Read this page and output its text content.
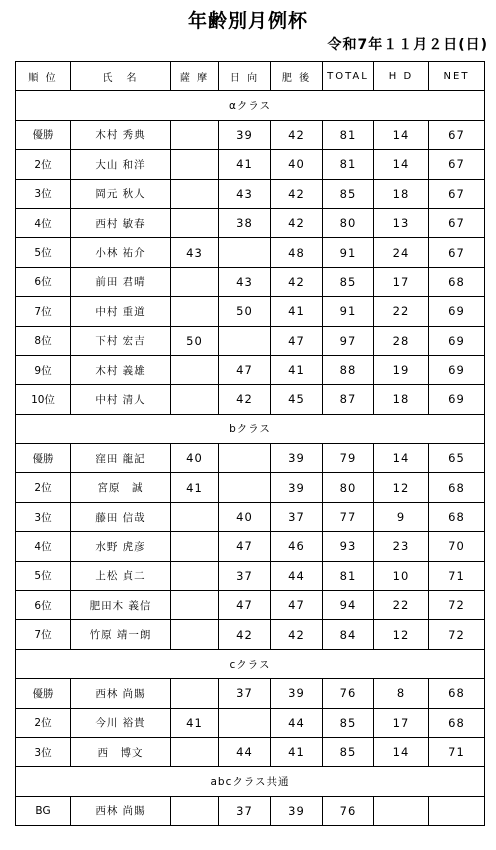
年齢別月例杯
令和7年１１月２日(日)
順 位	氏　名	薩 摩	日 向	肥 後	TOTAL	H D	NET
αクラス							
優勝	木村 秀典		39	42	81	14	67
2位	大山 和洋		41	40	81	14	67
3位	岡元 秋人		43	42	85	18	67
4位	西村 敏春		38	42	80	13	67
5位	小林 祐介	43		48	91	24	67
6位	前田 君晴		43	42	85	17	68
7位	中村 重道		50	41	91	22	69
8位	下村 宏吉	50		47	97	28	69
9位	木村 義雄		47	41	88	19	69
10位	中村 清人		42	45	87	18	69
bクラス							
優勝	窪田 龍記	40		39	79	14	65
2位	宮原　誠	41		39	80	12	68
3位	藤田 信哉		40	37	77	9	68
4位	水野 虎彦		47	46	93	23	70
5位	上松 貞二		37	44	81	10	71
6位	肥田木 義信		47	47	94	22	72
7位	竹原 靖一朗		42	42	84	12	72
cクラス							
優勝	西林 尚賜		37	39	76	8	68
2位	今川 裕貴	41		44	85	17	68
3位	西　博文		44	41	85	14	71
abcクラス共通							
BG	西林 尚賜		37	39	76		
